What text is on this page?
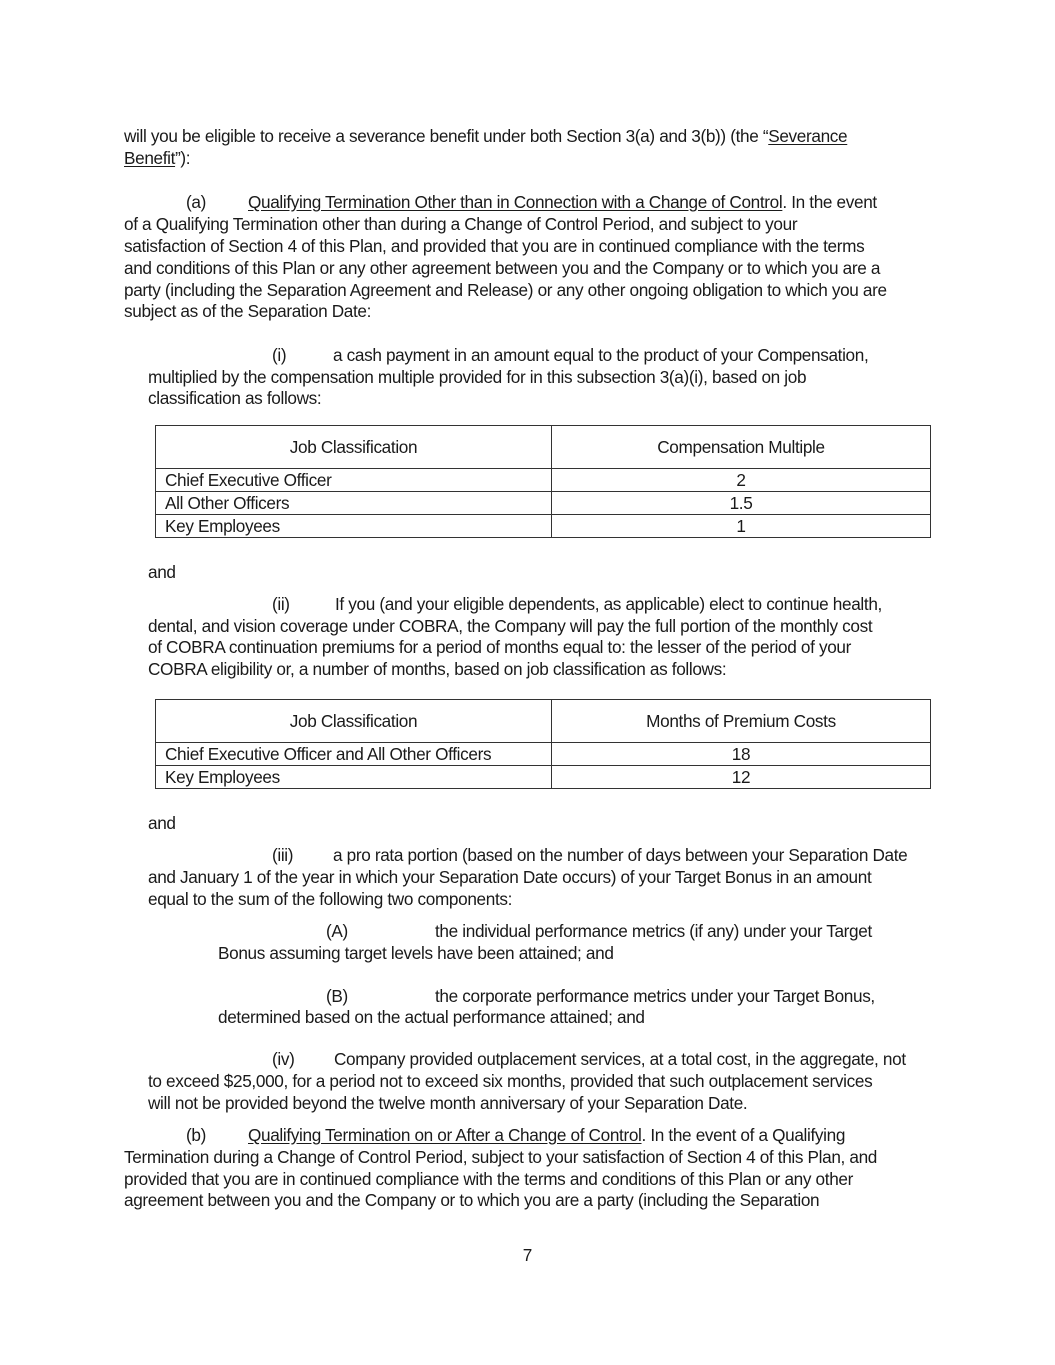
will you be eligible to receive a severance benefit under both Section 3(a) and 3(b)) (the “Severance
Benefit”):
(a) Qualifying Termination Other than in Connection with a Change of Control. In the event
of a Qualifying Termination other than during a Change of Control Period, and subject to your
satisfaction of Section 4 of this Plan, and provided that you are in continued compliance with the terms
and conditions of this Plan or any other agreement between you and the Company or to which you are a
party (including the Separation Agreement and Release) or any other ongoing obligation to which you are
subject as of the Separation Date:
(i)	a cash payment in an amount equal to the product of your Compensation,
multiplied by the compensation multiple provided for in this subsection 3(a)(i), based on job
classification as follows:
Job Classification	Compensation Multiple
Chief Executive Officer	2
All Other Officers	1.5
Key Employees	1
and
(ii)	If you (and your eligible dependents, as applicable) elect to continue health,
dental, and vision coverage under COBRA, the Company will pay the full portion of the monthly cost
of COBRA continuation premiums for a period of months equal to: the lesser of the period of your
COBRA eligibility or, a number of months, based on job classification as follows:
Job Classification	Months of Premium Costs
Chief Executive Officer and All Other Officers	18
Key Employees	12
and
(iii) a pro rata portion (based on the number of days between your Separation Date
and January 1 of the year in which your Separation Date occurs) of your Target Bonus in an amount
equal to the sum of the following two components:
(A)	the individual performance metrics (if any) under your Target
Bonus assuming target levels have been attained; and
(B)	the corporate performance metrics under your Target Bonus,
determined based on the actual performance attained; and
(iv) Company provided outplacement services, at a total cost, in the aggregate, not
to exceed $25,000, for a period not to exceed six months, provided that such outplacement services
will not be provided beyond the twelve month anniversary of your Separation Date.
(b) Qualifying Termination on or After a Change of Control. In the event of a Qualifying
Termination during a Change of Control Period, subject to your satisfaction of Section 4 of this Plan, and
provided that you are in continued compliance with the terms and conditions of this Plan or any other
agreement between you and the Company or to which you are a party (including the Separation
7
